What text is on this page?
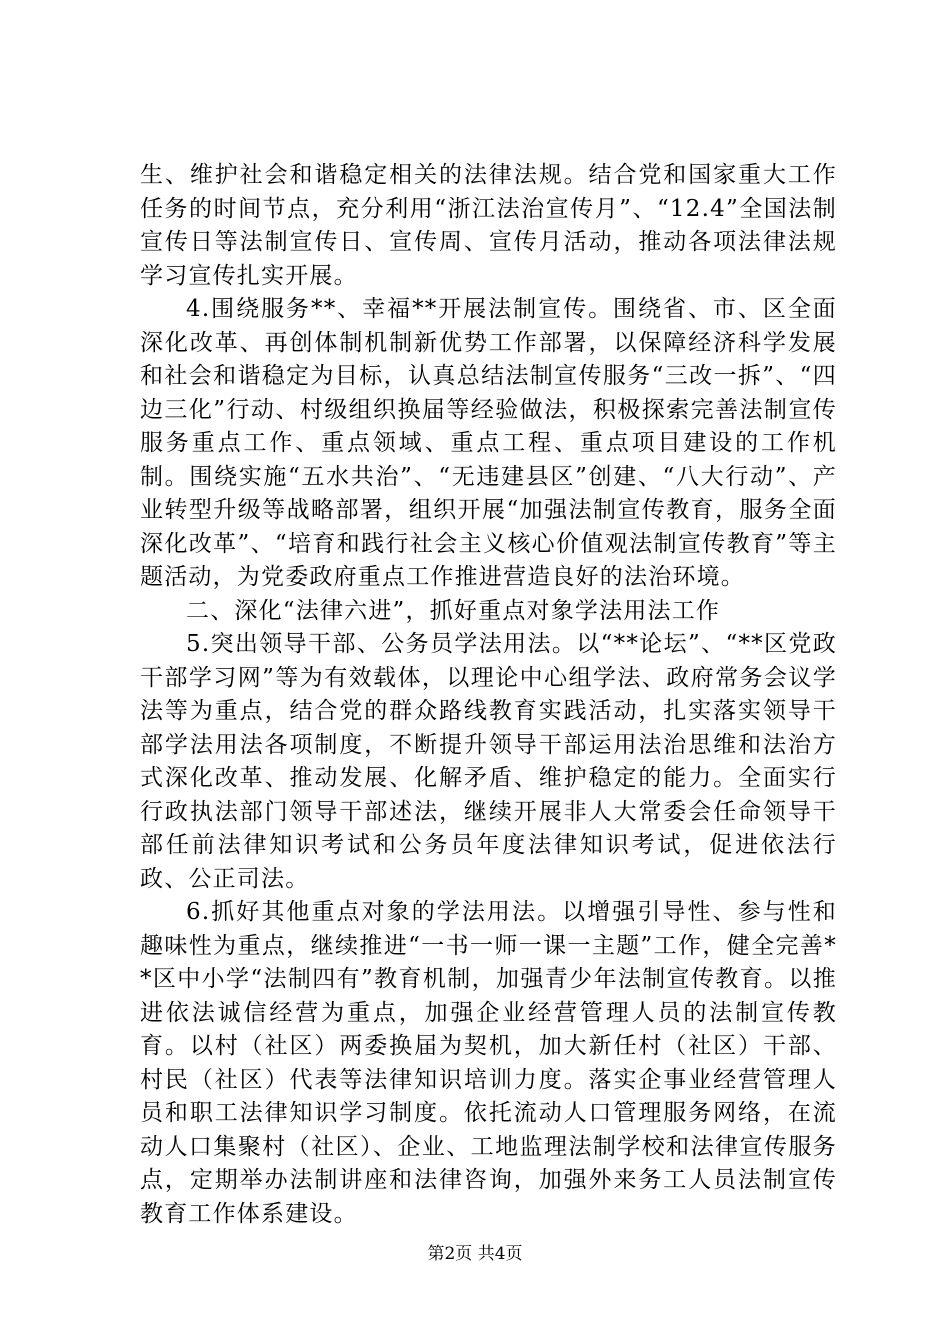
生、维护社会和谐稳定相关的法律法规。结合党和国家重大工作任务的时间节点，充分利用“浙江法治宣传月”、“12.4”全国法制宣传日等法制宣传日、宣传周、宣传月活动，推动各项法律法规学习宣传扎实开展。

4.围绕服务**、幸福**开展法制宣传。围绕省、市、区全面深化改革、再创体制机制新优势工作部署，以保障经济科学发展和社会和谐稳定为目标，认真总结法制宣传服务“三改一拆”、“四边三化”行动、村级组织换届等经验做法，积极探索完善法制宣传服务重点工作、重点领域、重点工程、重点项目建设的工作机制。围绕实施“五水共治”、“无违建县区”创建、“八大行动”、产业转型升级等战略部署，组织开展“加强法制宣传教育，服务全面深化改革”、“培育和践行社会主义核心价值观法制宣传教育”等主题活动，为党委政府重点工作推进营造良好的法治环境。

二、深化“法律六进”，抓好重点对象学法用法工作

5.突出领导干部、公务员学法用法。以“**论坛”、“**区党政干部学习网”等为有效载体，以理论中心组学法、政府常务会议学法等为重点，结合党的群众路线教育实践活动，扎实落实领导干部学法用法各项制度，不断提升领导干部运用法治思维和法治方式深化改革、推动发展、化解矛盾、维护稳定的能力。全面实行行政执法部门领导干部述法，继续开展非人大常委会任命领导干部任前法律知识考试和公务员年度法律知识考试，促进依法行政、公正司法。

6.抓好其他重点对象的学法用法。以增强引导性、参与性和趣味性为重点，继续推进“一书一师一课一主题”工作，健全完善**区中小学“法制四有”教育机制，加强青少年法制宣传教育。以推进依法诚信经营为重点，加强企业经营管理人员的法制宣传教育。以村（社区）两委换届为契机，加大新任村（社区）干部、村民（社区）代表等法律知识培训力度。落实企事业经营管理人员和职工法律知识学习制度。依托流动人口管理服务网络，在流动人口集聚村（社区）、企业、工地监理法制学校和法律宣传服务点，定期举办法制讲座和法律咨询，加强外来务工人员法制宣传教育工作体系建设。

第2页 共4页
